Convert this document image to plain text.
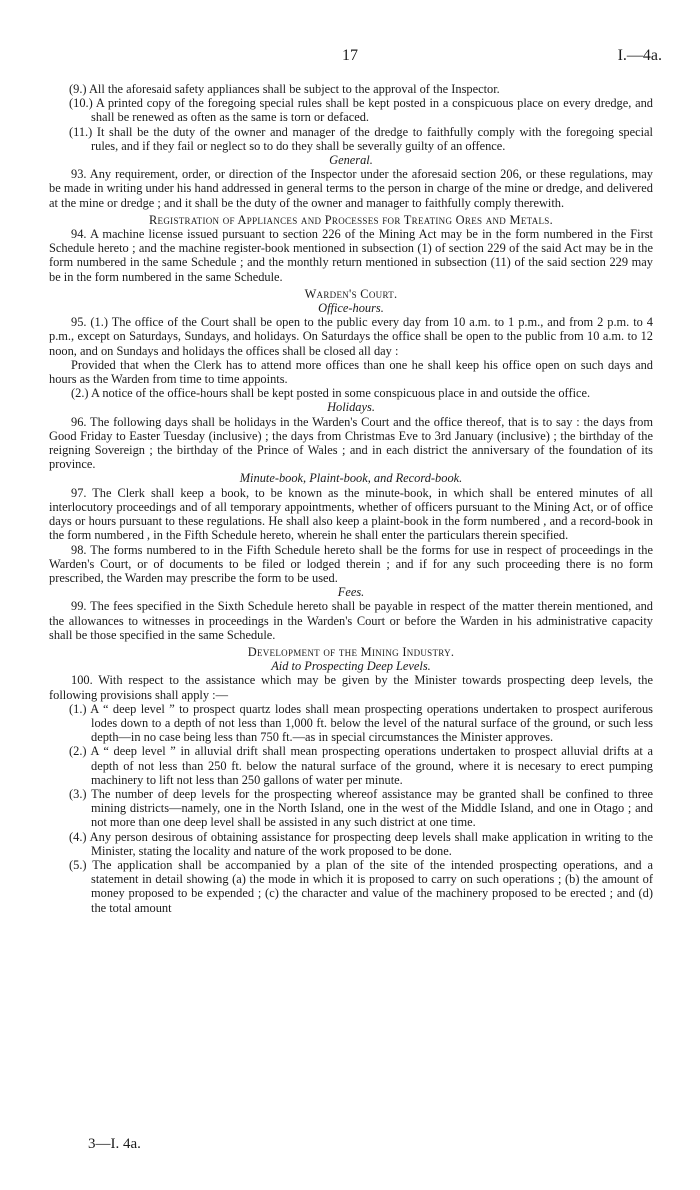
17	I.—4a.

(9.) All the aforesaid safety appliances shall be subject to the approval of the Inspector.

(10.) A printed copy of the foregoing special rules shall be kept posted in a conspicuous place on every dredge, and shall be renewed as often as the same is torn or defaced.

(11.) It shall be the duty of the owner and manager of the dredge to faithfully comply with the foregoing special rules, and if they fail or neglect so to do they shall be severally guilty of an offence.

General.

93. Any requirement, order, or direction of the Inspector under the aforesaid section 206, or these regulations, may be made in writing under his hand addressed in general terms to the person in charge of the mine or dredge, and delivered at the mine or dredge ; and it shall be the duty of the owner and manager to faithfully comply therewith.

Registration of Appliances and Processes for Treating Ores and Metals.

94. A machine license issued pursuant to section 226 of the Mining Act may be in the form numbered in the First Schedule hereto ; and the machine register-book mentioned in subsection (1) of section 229 of the said Act may be in the form numbered in the same Schedule ; and the monthly return mentioned in subsection (11) of the said section 229 may be in the form numbered in the same Schedule.

Warden's Court.

Office-hours.

95. (1.) The office of the Court shall be open to the public every day from 10 a.m. to 1 p.m., and from 2 p.m. to 4 p.m., except on Saturdays, Sundays, and holidays. On Saturdays the office shall be open to the public from 10 a.m. to 12 noon, and on Sundays and holidays the offices shall be closed all day :

Provided that when the Clerk has to attend more offices than one he shall keep his office open on such days and hours as the Warden from time to time appoints.

(2.) A notice of the office-hours shall be kept posted in some conspicuous place in and outside the office.

Holidays.

96. The following days shall be holidays in the Warden's Court and the office thereof, that is to say : the days from Good Friday to Easter Tuesday (inclusive) ; the days from Christmas Eve to 3rd January (inclusive) ; the birthday of the reigning Sovereign ; the birthday of the Prince of Wales ; and in each district the anniversary of the foundation of its province.

Minute-book, Plaint-book, and Record-book.

97. The Clerk shall keep a book, to be known as the minute-book, in which shall be entered minutes of all interlocutory proceedings and of all temporary appointments, whether of officers pursuant to the Mining Act, or of office days or hours pursuant to these regulations. He shall also keep a plaint-book in the form numbered , and a record-book in the form numbered , in the Fifth Schedule hereto, wherein he shall enter the particulars therein specified.

98. The forms numbered to in the Fifth Schedule hereto shall be the forms for use in respect of proceedings in the Warden's Court, or of documents to be filed or lodged therein ; and if for any such proceeding there is no form prescribed, the Warden may prescribe the form to be used.

Fees.

99. The fees specified in the Sixth Schedule hereto shall be payable in respect of the matter therein mentioned, and the allowances to witnesses in proceedings in the Warden's Court or before the Warden in his administrative capacity shall be those specified in the same Schedule.

Development of the Mining Industry.

Aid to Prospecting Deep Levels.

100. With respect to the assistance which may be given by the Minister towards prospecting deep levels, the following provisions shall apply :—

(1.) A “ deep level ” to prospect quartz lodes shall mean prospecting operations undertaken to prospect auriferous lodes down to a depth of not less than 1,000 ft. below the level of the natural surface of the ground, or such less depth—in no case being less than 750 ft.—as in special circumstances the Minister approves.

(2.) A “ deep level ” in alluvial drift shall mean prospecting operations undertaken to prospect alluvial drifts at a depth of not less than 250 ft. below the natural surface of the ground, where it is necesary to erect pumping machinery to lift not less than 250 gallons of water per minute.

(3.) The number of deep levels for the prospecting whereof assistance may be granted shall be confined to three mining districts—namely, one in the North Island, one in the west of the Middle Island, and one in Otago ; and not more than one deep level shall be assisted in any such district at one time.

(4.) Any person desirous of obtaining assistance for prospecting deep levels shall make application in writing to the Minister, stating the locality and nature of the work proposed to be done.

(5.) The application shall be accompanied by a plan of the site of the intended prospecting operations, and a statement in detail showing (a) the mode in which it is proposed to carry on such operations ; (b) the amount of money proposed to be expended ; (c) the character and value of the machinery proposed to be erected ; and (d) the total amount

3—I. 4a.
